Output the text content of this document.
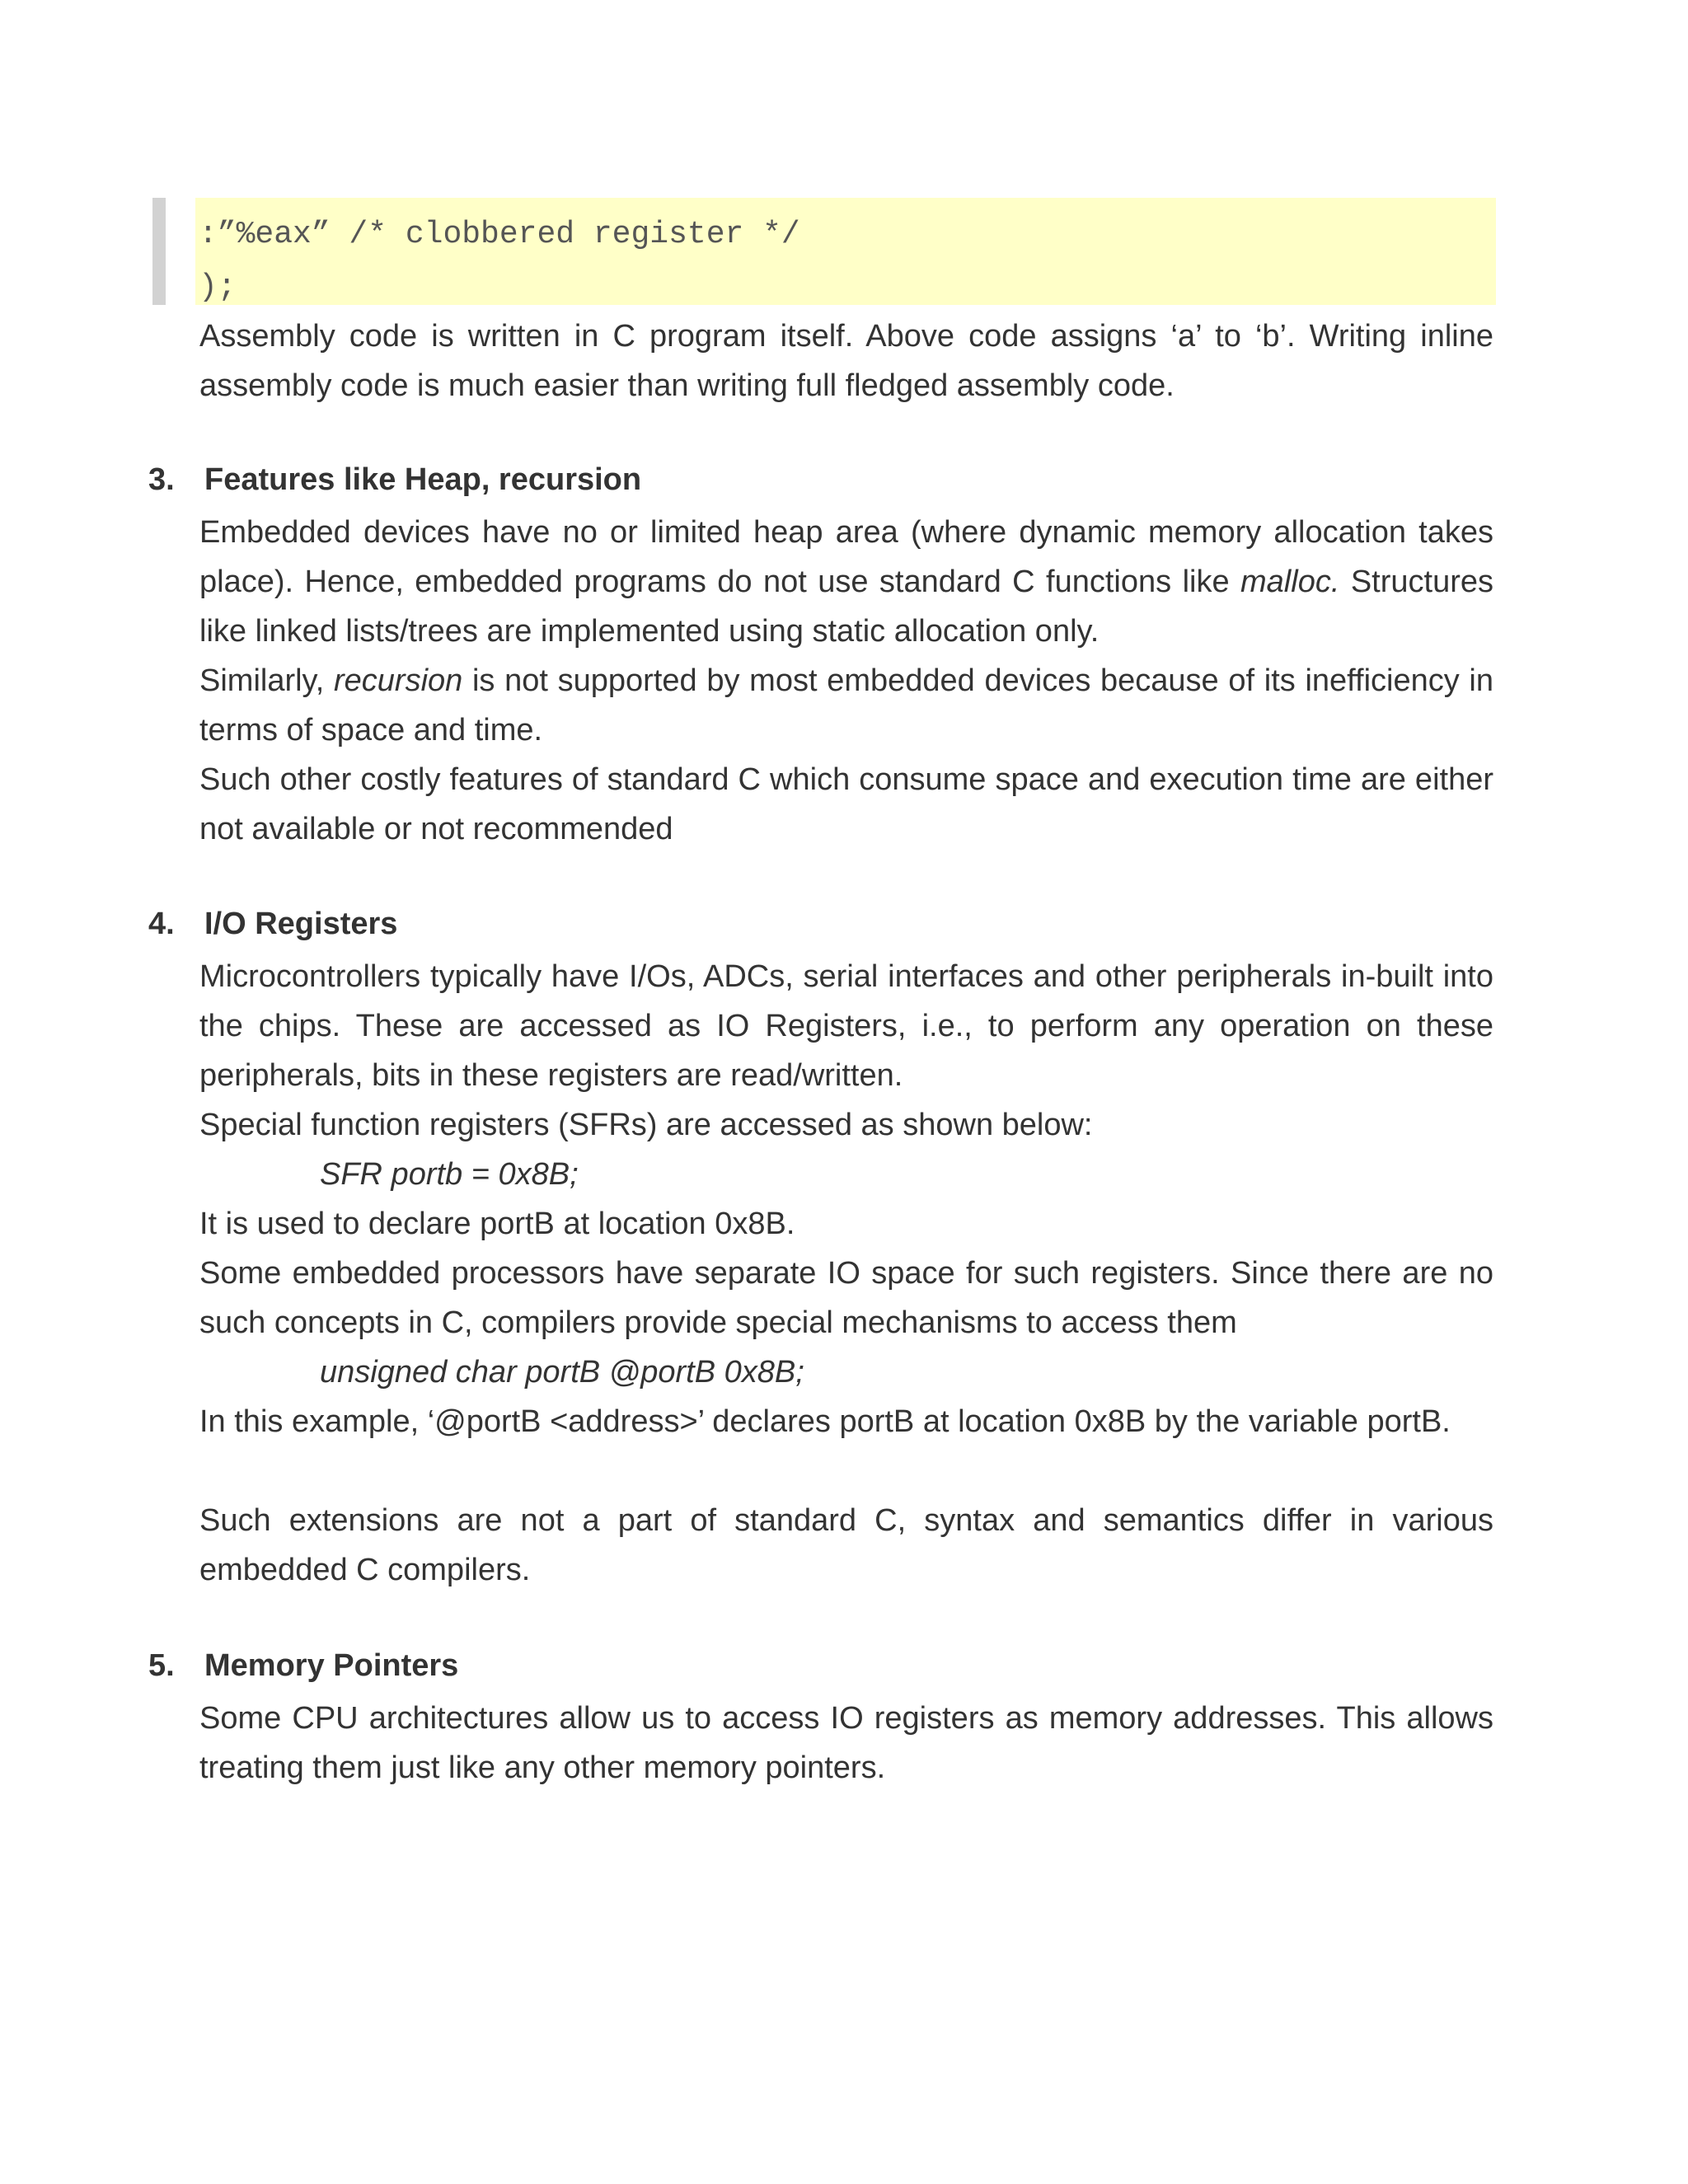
:”%eax” /* clobbered register */
);

Assembly code is written in C program itself. Above code assigns ‘a’ to ‘b’. Writing inline assembly code is much easier than writing full fledged assembly code.

3. Features like Heap, recursion

Embedded devices have no or limited heap area (where dynamic memory allocation takes place). Hence, embedded programs do not use standard C functions like malloc. Structures like linked lists/trees are implemented using static allocation only.

Similarly, recursion is not supported by most embedded devices because of its inefficiency in terms of space and time.

Such other costly features of standard C which consume space and execution time are either not available or not recommended

4. I/O Registers

Microcontrollers typically have I/Os, ADCs, serial interfaces and other peripherals in-built into the chips. These are accessed as IO Registers, i.e., to perform any operation on these peripherals, bits in these registers are read/written.

Special function registers (SFRs) are accessed as shown below:
SFR portb = 0x8B;
It is used to declare portB at location 0x8B.

Some embedded processors have separate IO space for such registers. Since there are no such concepts in C, compilers provide special mechanisms to access them

unsigned char portB @portB 0x8B;

In this example, ‘@portB <address>’ declares portB at location 0x8B by the variable portB.

Such extensions are not a part of standard C, syntax and semantics differ in various embedded C compilers.

5. Memory Pointers

Some CPU architectures allow us to access IO registers as memory addresses. This allows treating them just like any other memory pointers.
